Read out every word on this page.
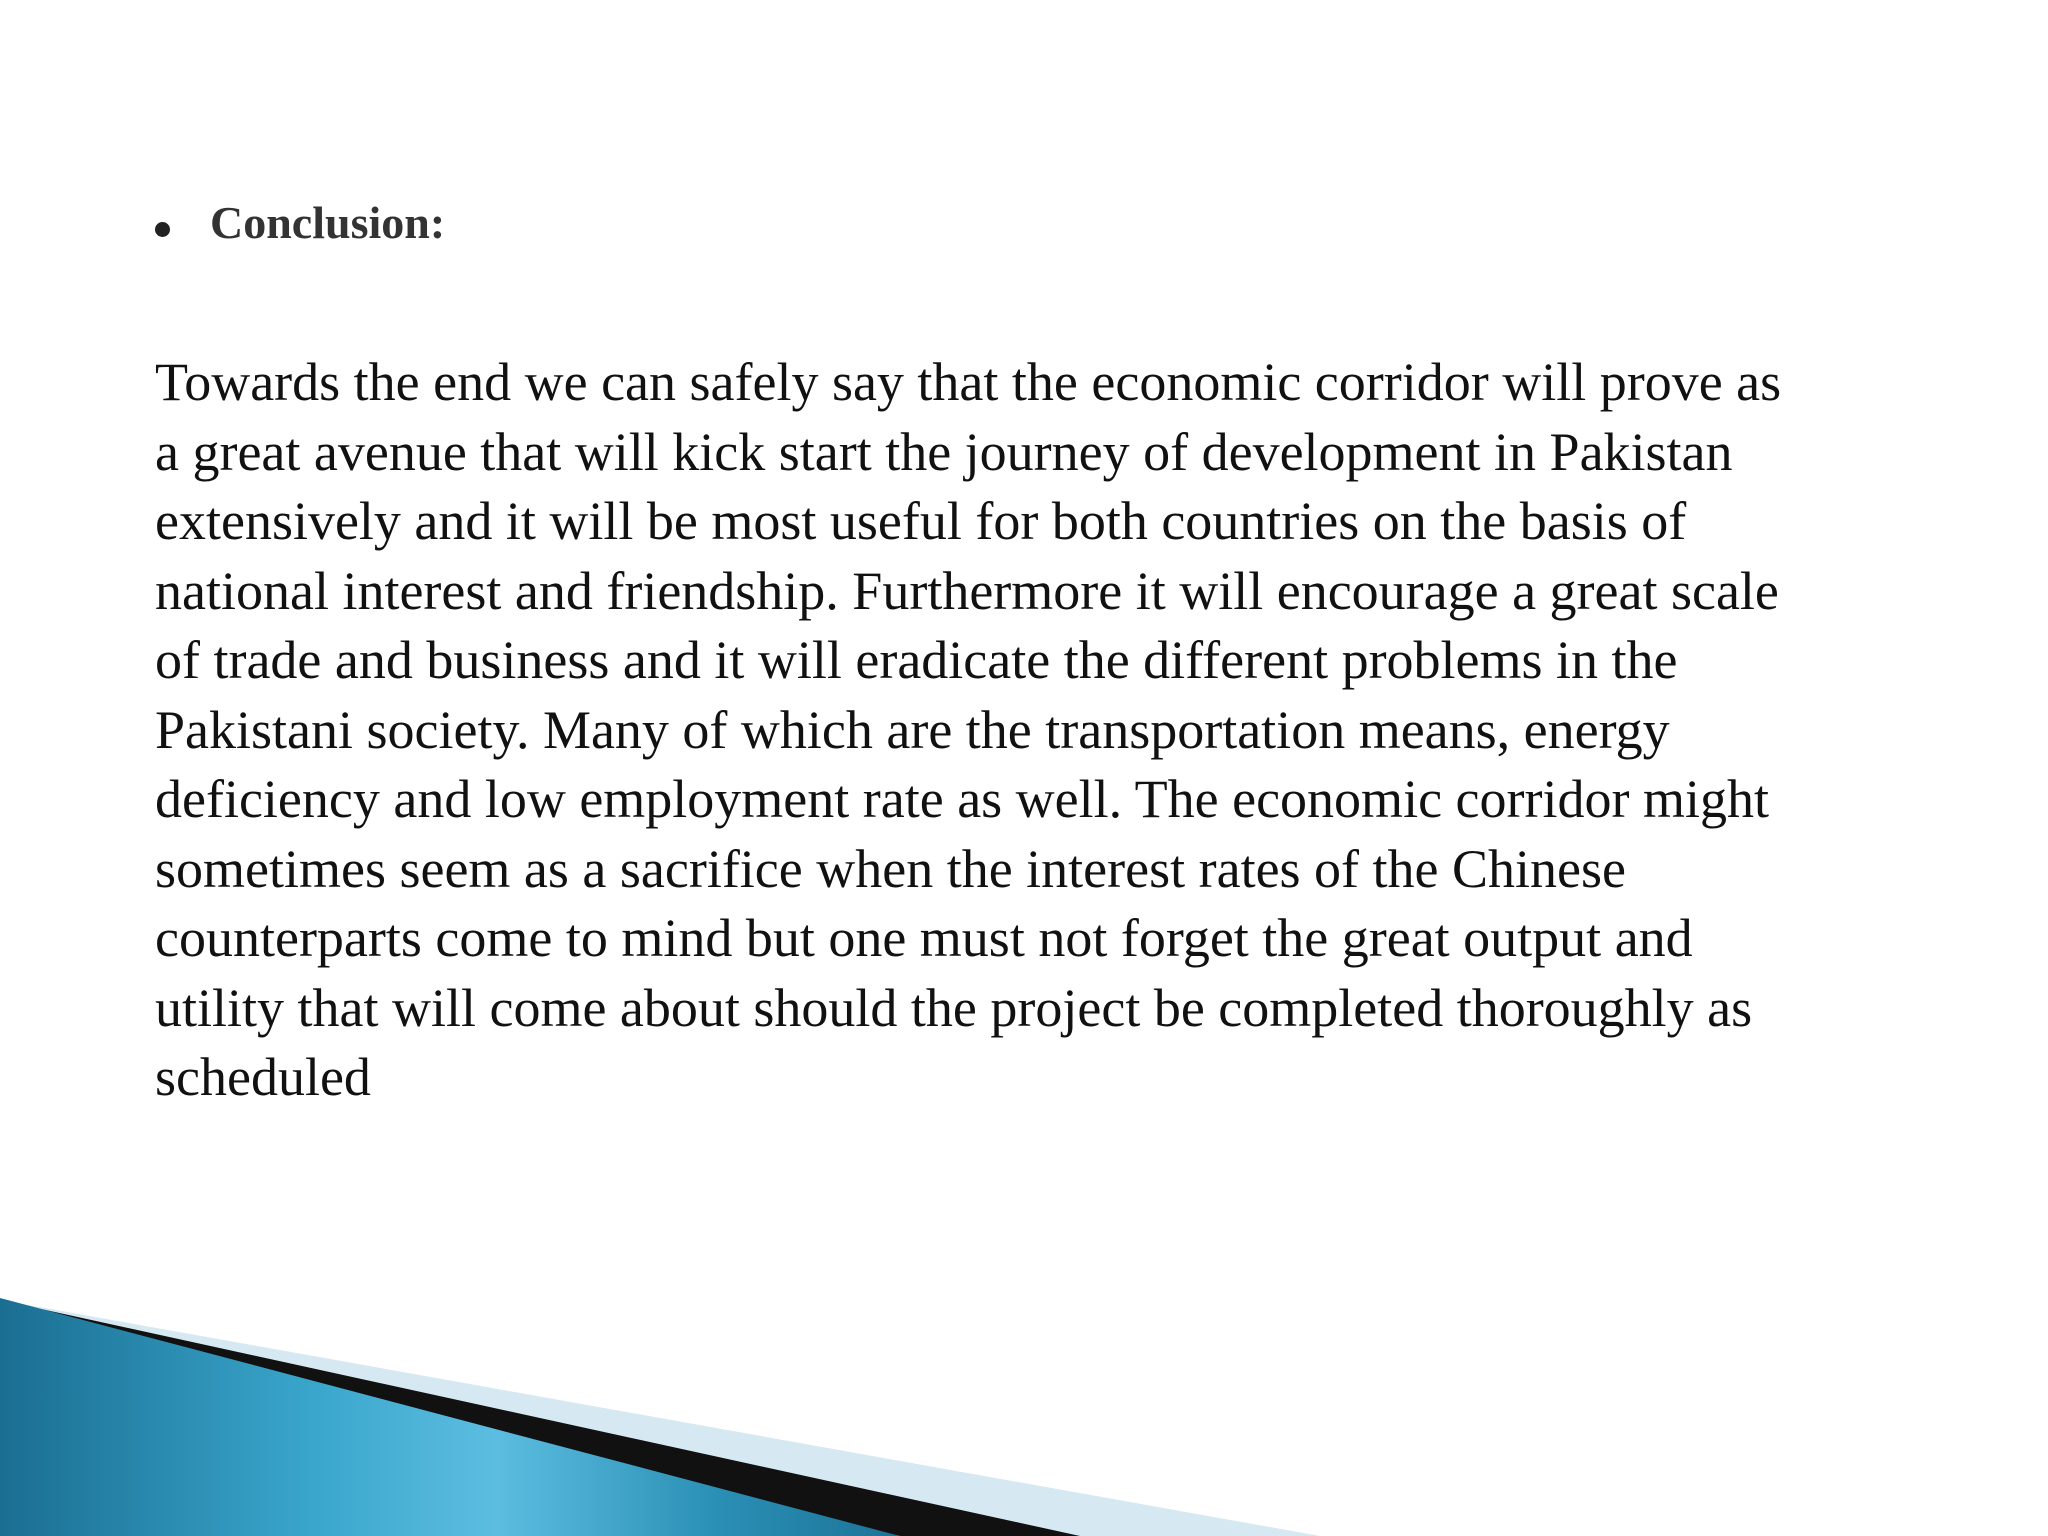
Conclusion:

Towards the end we can safely say that the economic corridor will prove as
a great avenue that will kick start the journey of development in Pakistan
extensively and it will be most useful for both countries on the basis of
national interest and friendship. Furthermore it will encourage a great scale
of trade and business and it will eradicate the different problems in the
Pakistani society. Many of which are the transportation means, energy
deficiency and low employment rate as well. The economic corridor might
sometimes seem as a sacrifice when the interest rates of the Chinese
counterparts come to mind but one must not forget the great output and
utility that will come about should the project be completed thoroughly as
scheduled
